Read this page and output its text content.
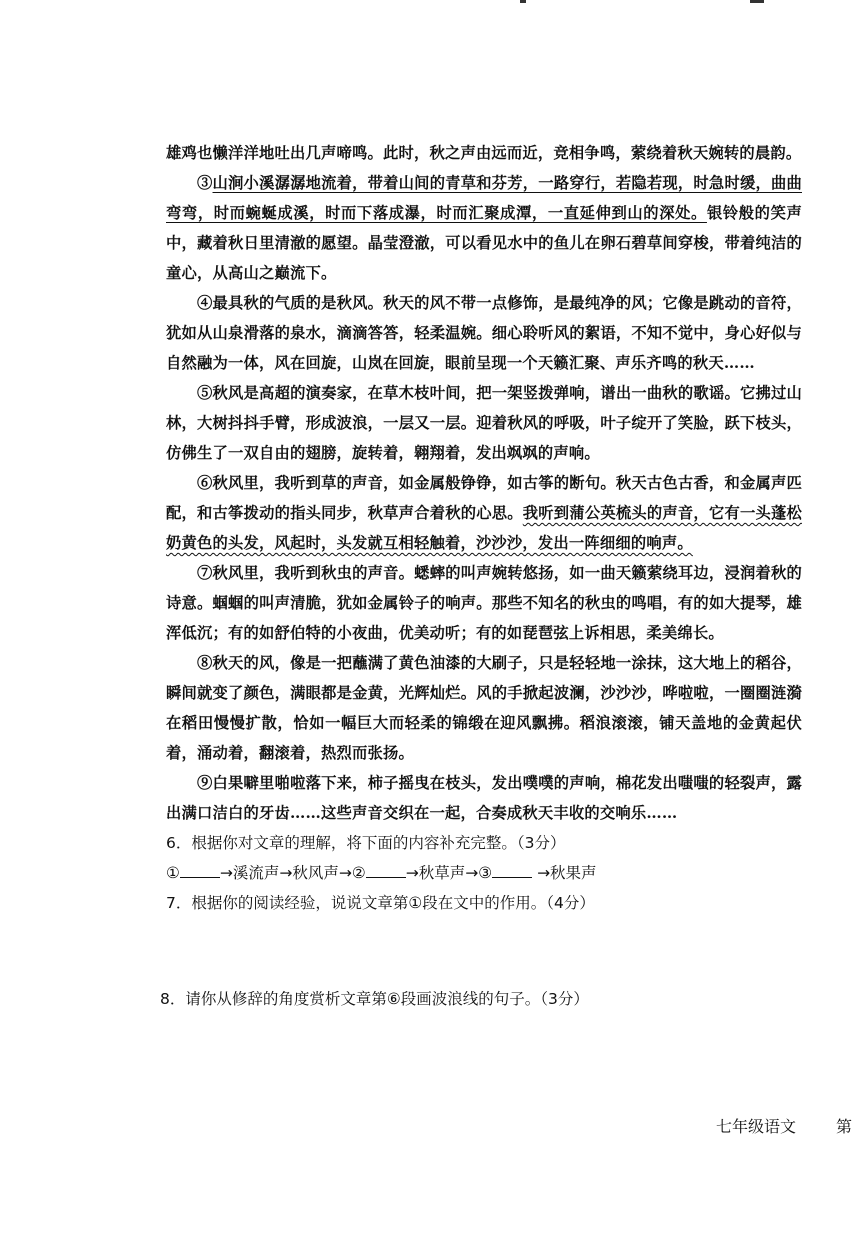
雄鸡也懒洋洋地吐出几声啼鸣。此时，秋之声由远而近，竞相争鸣，萦绕着秋天婉转的晨韵。

③山涧小溪潺潺地流着，带着山间的青草和芬芳，一路穿行，若隐若现，时急时缓，曲曲弯弯，时而蜿蜒成溪，时而下落成瀑，时而汇聚成潭，一直延伸到山的深处。银铃般的笑声中，藏着秋日里清澈的愿望。晶莹澄澈，可以看见水中的鱼儿在卵石碧草间穿梭，带着纯洁的童心，从高山之巅流下。

④最具秋的气质的是秋风。秋天的风不带一点修饰，是最纯净的风；它像是跳动的音符，犹如从山泉滑落的泉水，滴滴答答，轻柔温婉。细心聆听风的絮语，不知不觉中，身心好似与自然融为一体，风在回旋，山岚在回旋，眼前呈现一个天籁汇聚、声乐齐鸣的秋天……

⑤秋风是高超的演奏家，在草木枝叶间，把一架竖拨弹响，谱出一曲秋的歌谣。它拂过山林，大树抖抖手臂，形成波浪，一层又一层。迎着秋风的呼吸，叶子绽开了笑脸，跃下枝头，仿佛生了一双自由的翅膀，旋转着，翱翔着，发出飒飒的声响。

⑥秋风里，我听到草的声音，如金属般铮铮，如古筝的断句。秋天古色古香，和金属声匹配，和古筝拨动的指头同步，秋草声合着秋的心思。我听到蒲公英梳头的声音，它有一头蓬松奶黄色的头发，风起时，头发就互相轻触着，沙沙沙，发出一阵细细的响声。

⑦秋风里，我听到秋虫的声音。蟋蟀的叫声婉转悠扬，如一曲天籁萦绕耳边，浸润着秋的诗意。蝈蝈的叫声清脆，犹如金属铃子的响声。那些不知名的秋虫的鸣唱，有的如大提琴，雄浑低沉；有的如舒伯特的小夜曲，优美动听；有的如琵琶弦上诉相思，柔美绵长。

⑧秋天的风，像是一把蘸满了黄色油漆的大刷子，只是轻轻地一涂抹，这大地上的稻谷，瞬间就变了颜色，满眼都是金黄，光辉灿烂。风的手掀起波澜，沙沙沙，哗啦啦，一圈圈涟漪在稻田慢慢扩散，恰如一幅巨大而轻柔的锦缎在迎风飘拂。稻浪滚滚，铺天盖地的金黄起伏着，涌动着，翻滚着，热烈而张扬。

⑨白果噼里啪啦落下来，柿子摇曳在枝头，发出噗噗的声响，棉花发出嗤嗤的轻裂声，露出满口洁白的牙齿……这些声音交织在一起，合奏成秋天丰收的交响乐……

6．根据你对文章的理解，将下面的内容补充完整。（3分）

①	→溪流声→秋风声→②	→秋草声→③	→秋果声

7．根据你的阅读经验，说说文章第①段在文中的作用。（4分）

8．请你从修辞的角度赏析文章第⑥段画波浪线的句子。（3分）

七年级语文 第
